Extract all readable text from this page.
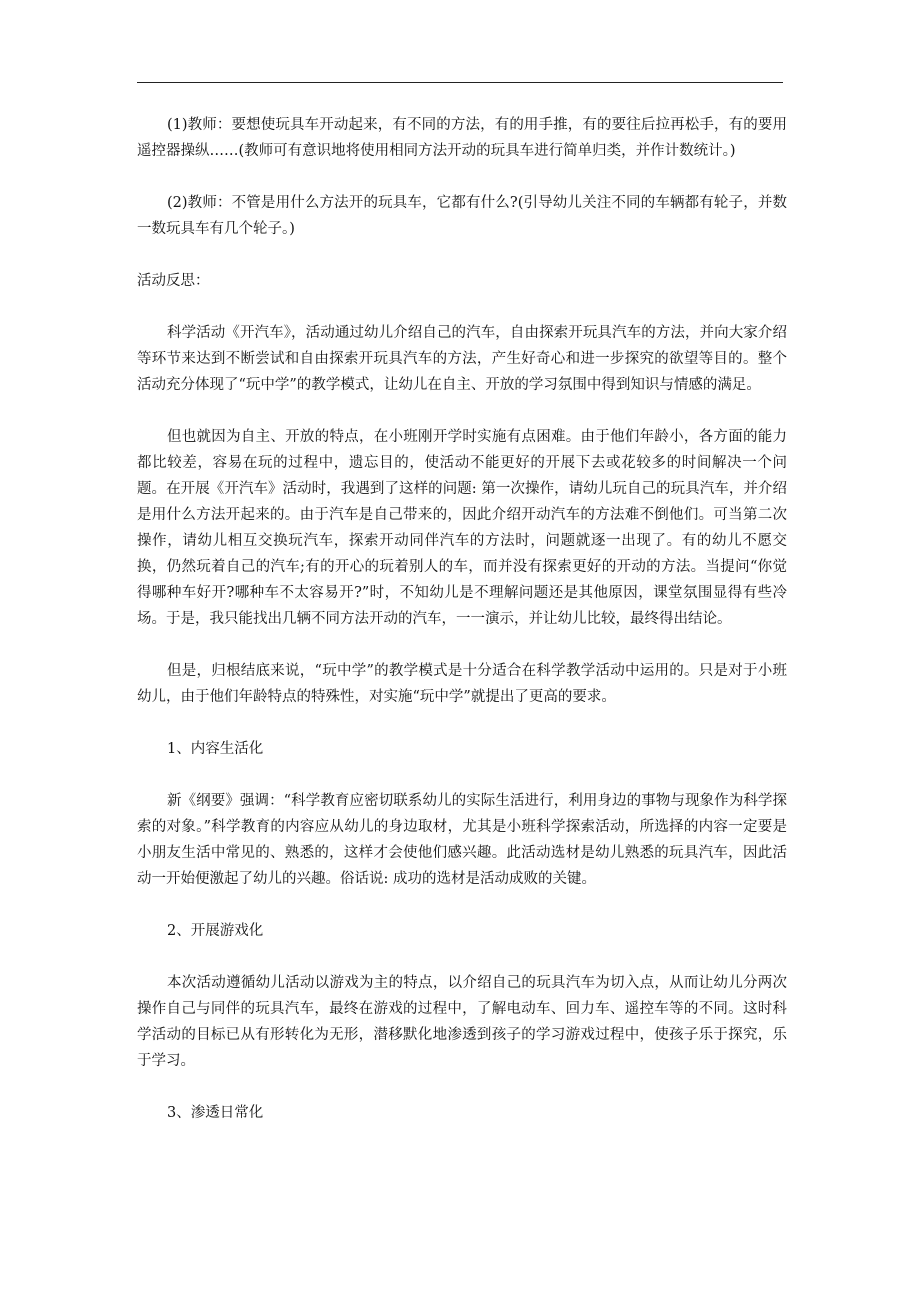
(1)教师：要想使玩具车开动起来，有不同的方法，有的用手推，有的要往后拉再松手，有的要用遥控器操纵……(教师可有意识地将使用相同方法开动的玩具车进行简单归类，并作计数统计。)

(2)教师：不管是用什么方法开的玩具车，它都有什么?(引导幼儿关注不同的车辆都有轮子，并数一数玩具车有几个轮子。)

活动反思：

科学活动《开汽车》，活动通过幼儿介绍自己的汽车，自由探索开玩具汽车的方法，并向大家介绍等环节来达到不断尝试和自由探索开玩具汽车的方法，产生好奇心和进一步探究的欲望等目的。整个活动充分体现了“玩中学”的教学模式，让幼儿在自主、开放的学习氛围中得到知识与情感的满足。

但也就因为自主、开放的特点，在小班刚开学时实施有点困难。由于他们年龄小，各方面的能力都比较差，容易在玩的过程中，遗忘目的，使活动不能更好的开展下去或花较多的时间解决一个问题。在开展《开汽车》活动时，我遇到了这样的问题: 第一次操作，请幼儿玩自己的玩具汽车，并介绍是用什么方法开起来的。由于汽车是自己带来的，因此介绍开动汽车的方法难不倒他们。可当第二次操作，请幼儿相互交换玩汽车，探索开动同伴汽车的方法时，问题就逐一出现了。有的幼儿不愿交换，仍然玩着自己的汽车;有的开心的玩着别人的车，而并没有探索更好的开动的方法。当提问“你觉得哪种车好开?哪种车不太容易开?”时，不知幼儿是不理解问题还是其他原因，课堂氛围显得有些冷场。于是，我只能找出几辆不同方法开动的汽车，一一演示，并让幼儿比较，最终得出结论。

但是，归根结底来说，“玩中学”的教学模式是十分适合在科学教学活动中运用的。只是对于小班幼儿，由于他们年龄特点的特殊性，对实施“玩中学”就提出了更高的要求。

1、内容生活化

新《纲要》强调：“科学教育应密切联系幼儿的实际生活进行，利用身边的事物与现象作为科学探索的对象。”科学教育的内容应从幼儿的身边取材，尤其是小班科学探索活动，所选择的内容一定要是小朋友生活中常见的、熟悉的，这样才会使他们感兴趣。此活动选材是幼儿熟悉的玩具汽车，因此活动一开始便激起了幼儿的兴趣。俗话说: 成功的选材是活动成败的关键。

2、开展游戏化

本次活动遵循幼儿活动以游戏为主的特点，以介绍自己的玩具汽车为切入点，从而让幼儿分两次操作自己与同伴的玩具汽车，最终在游戏的过程中，了解电动车、回力车、遥控车等的不同。这时科学活动的目标已从有形转化为无形，潜移默化地渗透到孩子的学习游戏过程中，使孩子乐于探究，乐于学习。

3、渗透日常化
